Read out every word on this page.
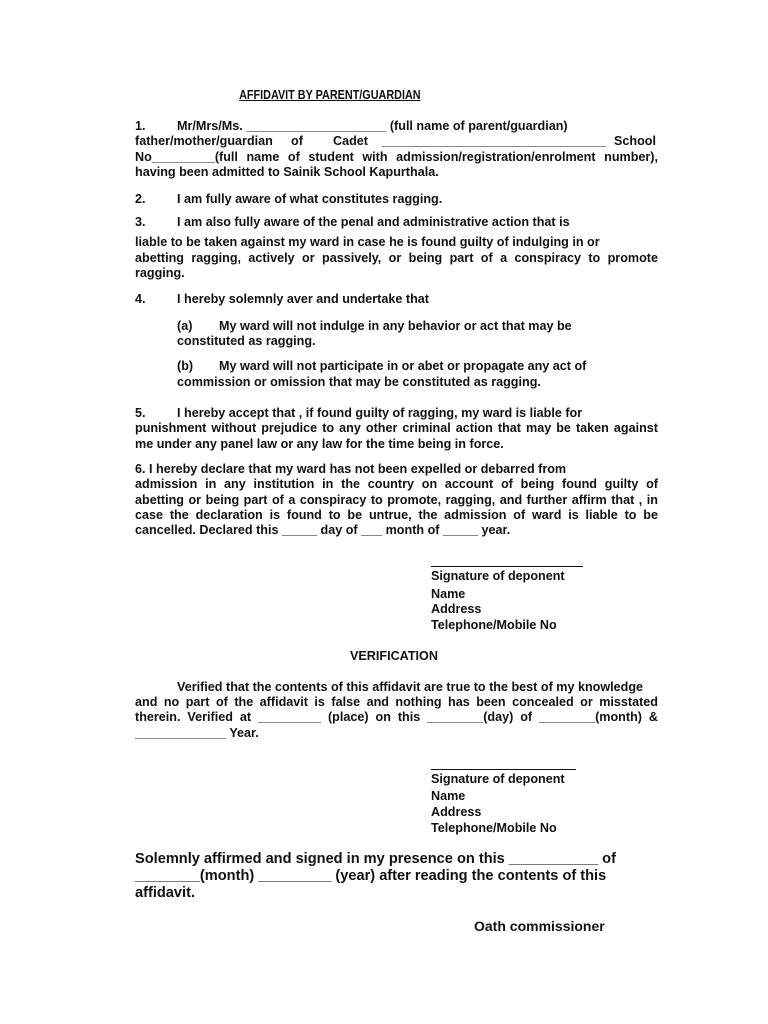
AFFIDAVIT BY PARENT/GUARDIAN
1. Mr/Mrs/Ms. ____________________ (full name of parent/guardian)
father/mother/guardian of Cadet ________________________________ School
No_________(full name of student with admission/registration/enrolment number),
having been admitted to Sainik School Kapurthala.
2. I am fully aware of what constitutes ragging.
3. I am also fully aware of the penal and administrative action that is
liable to be taken against my ward in case he is found guilty of indulging in or
abetting ragging, actively or passively, or being part of a conspiracy to promote
ragging.
4. I hereby solemnly aver and undertake that
(a) My ward will not indulge in any behavior or act that may be
constituted as ragging.
(b) My ward will not participate in or abet or propagate any act of
commission or omission that may be constituted as ragging.
5. I hereby accept that , if found guilty of ragging, my ward is liable for
punishment without prejudice to any other criminal action that may be taken against
me under any panel law or any law for the time being in force.
6. I hereby declare that my ward has not been expelled or debarred from
admission in any institution in the country on account of being found guilty of
abetting or being part of a conspiracy to promote, ragging, and further affirm that , in
case the declaration is found to be untrue, the admission of ward is liable to be
cancelled. Declared this _____ day of ___ month of _____ year.
Signature of deponent
Name
Address
Telephone/Mobile No
VERIFICATION
Verified that the contents of this affidavit are true to the best of my knowledge
and no part of the affidavit is false and nothing has been concealed or misstated
therein. Verified at _________ (place) on this ________(day) of ________(month) &
_____________ Year.
Signature of deponent
Name
Address
Telephone/Mobile No
Solemnly affirmed and signed in my presence on this ___________ of
________(month) _________ (year) after reading the contents of this
affidavit.
Oath commissioner
